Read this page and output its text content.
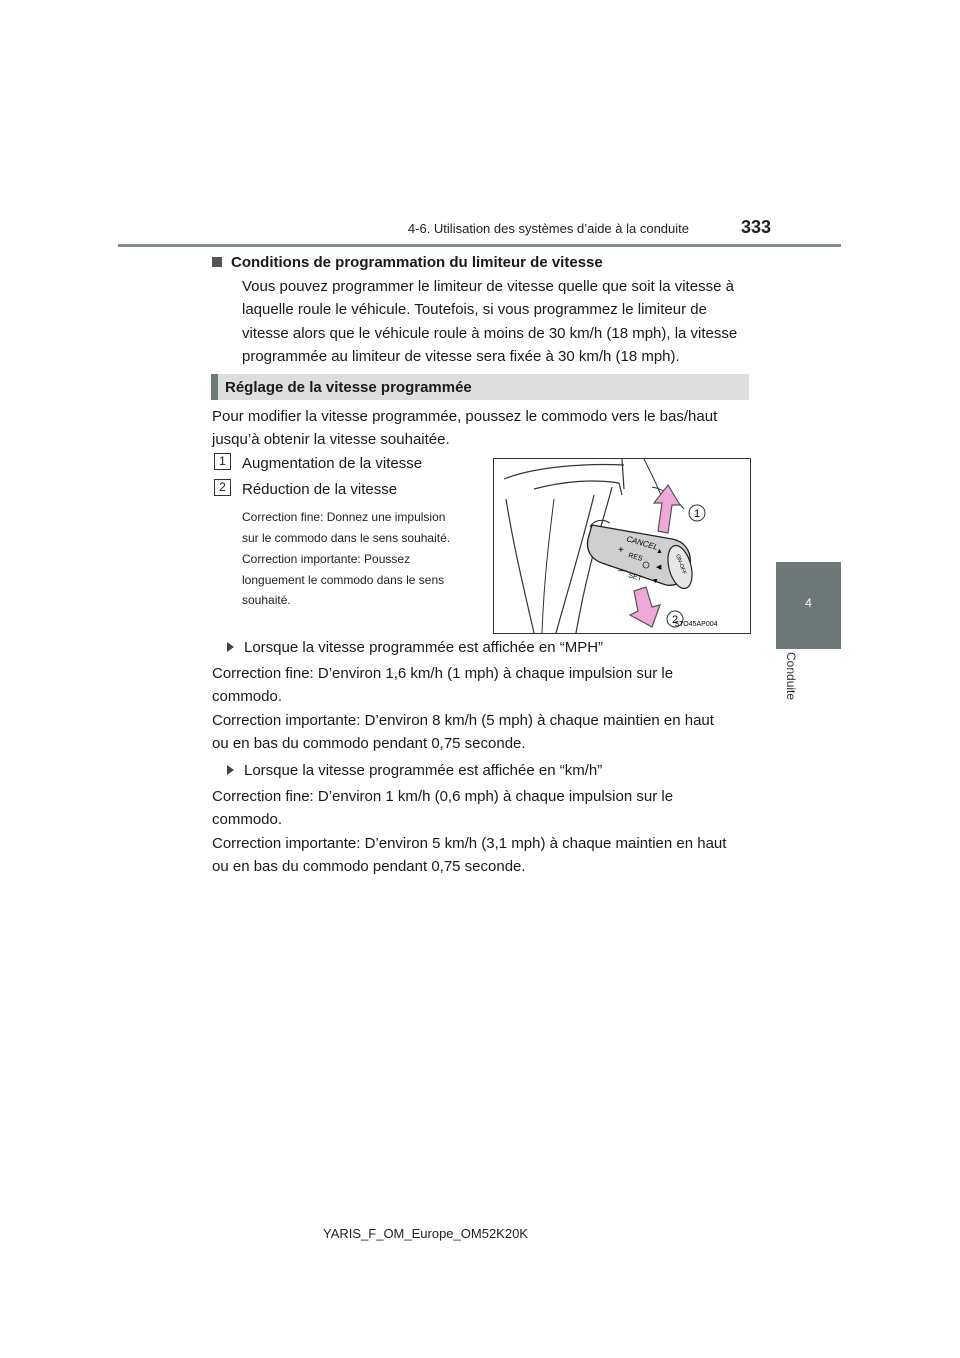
4-6. Utilisation des systèmes d’aide à la conduite	333
4
Conduite
Conditions de programmation du limiteur de vitesse
Vous pouvez programmer le limiteur de vitesse quelle que soit la vitesse à
laquelle roule le véhicule. Toutefois, si vous programmez le limiteur de
vitesse alors que le véhicule roule à moins de 30 km/h (18 mph), la vitesse
programmée au limiteur de vitesse sera fixée à 30 km/h (18 mph).
Réglage de la vitesse programmée
Pour modifier la vitesse programmée, poussez le commodo vers le bas/haut
jusqu’à obtenir la vitesse souhaitée.
1	Augmentation de la vitesse
2	Réduction de la vitesse
Correction fine: Donnez une impulsion
sur le commodo dans le sens souhaité.
Correction importante: Poussez
longuement le commodo dans le sens
souhaité.
CANCEL
+
RES
—
SET
ON-OFF
▲
◀
▼
1
2
STO45AP004
Lorsque la vitesse programmée est affichée en “MPH”
Correction fine: D’environ 1,6 km/h (1 mph) à chaque impulsion sur le
commodo.
Correction importante: D’environ 8 km/h (5 mph) à chaque maintien en haut
ou en bas du commodo pendant 0,75 seconde.
Lorsque la vitesse programmée est affichée en “km/h”
Correction fine: D’environ 1 km/h (0,6 mph) à chaque impulsion sur le
commodo.
Correction importante: D’environ 5 km/h (3,1 mph) à chaque maintien en haut
ou en bas du commodo pendant 0,75 seconde.
YARIS_F_OM_Europe_OM52K20K
